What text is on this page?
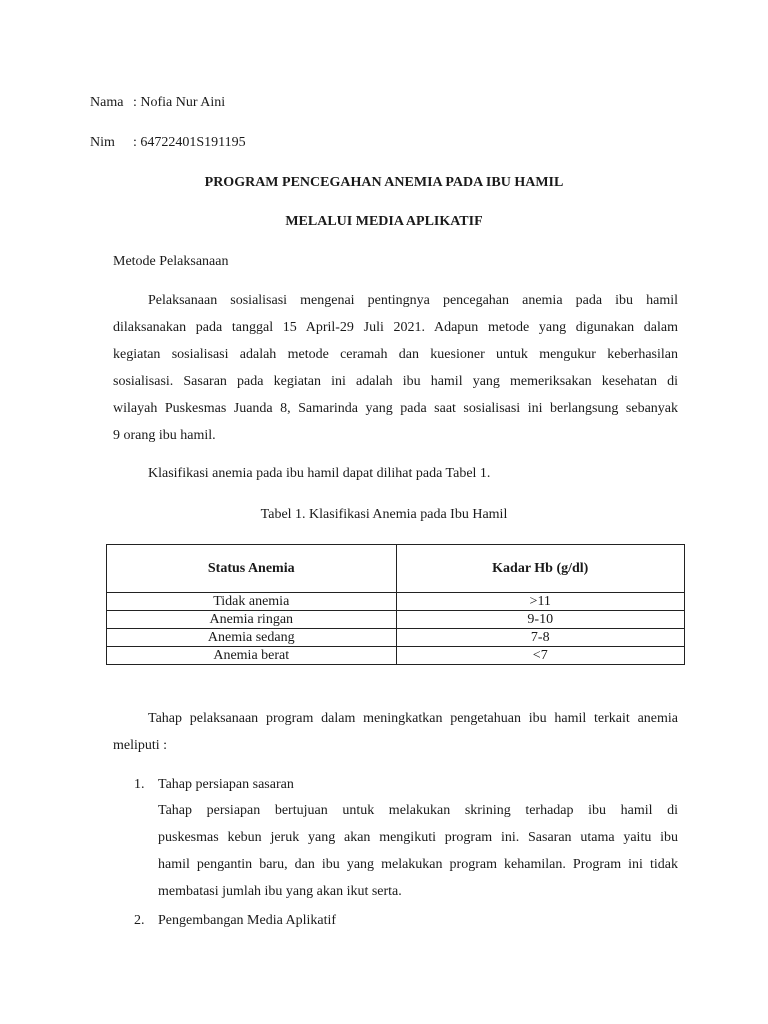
Nama : Nofia Nur Aini
Nim : 64722401S191195
PROGRAM PENCEGAHAN ANEMIA PADA IBU HAMIL
MELALUI MEDIA APLIKATIF
Metode Pelaksanaan
Pelaksanaan sosialisasi mengenai pentingnya pencegahan anemia pada ibu hamil
dilaksanakan pada tanggal 15 April-29 Juli 2021. Adapun metode yang digunakan dalam
kegiatan sosialisasi adalah metode ceramah dan kuesioner untuk mengukur keberhasilan
sosialisasi. Sasaran pada kegiatan ini adalah ibu hamil yang memeriksakan kesehatan di
wilayah Puskesmas Juanda 8, Samarinda yang pada saat sosialisasi ini berlangsung sebanyak
9 orang ibu hamil.
Klasifikasi anemia pada ibu hamil dapat dilihat pada Tabel 1.
Tabel 1. Klasifikasi Anemia pada Ibu Hamil
Status Anemia	Kadar Hb (g/dl)
Tidak anemia	>11
Anemia ringan	9-10
Anemia sedang	7-8
Anemia berat	<7
Tahap pelaksanaan program dalam meningkatkan pengetahuan ibu hamil terkait anemia
meliputi :
1. Tahap persiapan sasaran
Tahap persiapan bertujuan untuk melakukan skrining terhadap ibu hamil di
puskesmas kebun jeruk yang akan mengikuti program ini. Sasaran utama yaitu ibu
hamil pengantin baru, dan ibu yang melakukan program kehamilan. Program ini tidak
membatasi jumlah ibu yang akan ikut serta.
2. Pengembangan Media Aplikatif
